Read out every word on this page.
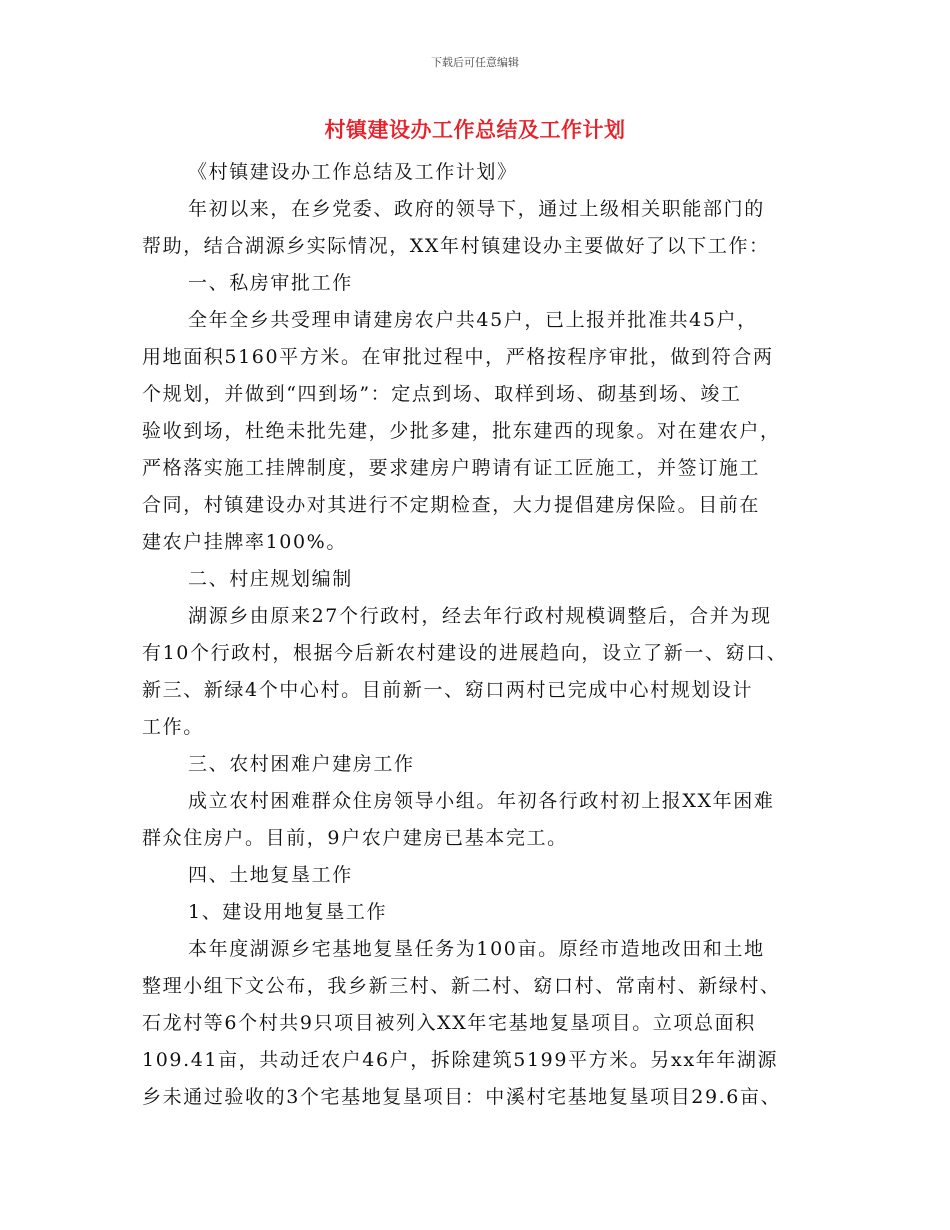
下载后可任意编辑
村镇建设办工作总结及工作计划
《村镇建设办工作总结及工作计划》
年初以来，在乡党委、政府的领导下，通过上级相关职能部门的
帮助，结合湖源乡实际情况，XX年村镇建设办主要做好了以下工作：
一、私房审批工作
全年全乡共受理申请建房农户共45户，已上报并批准共45户，
用地面积5160平方米。在审批过程中，严格按程序审批，做到符合两
个规划，并做到“四到场”：定点到场、取样到场、砌基到场、竣工
验收到场，杜绝未批先建，少批多建，批东建西的现象。对在建农户，
严格落实施工挂牌制度，要求建房户聘请有证工匠施工，并签订施工
合同，村镇建设办对其进行不定期检查，大力提倡建房保险。目前在
建农户挂牌率100%。
二、村庄规划编制
湖源乡由原来27个行政村，经去年行政村规模调整后，合并为现
有10个行政村，根据今后新农村建设的进展趋向，设立了新一、窈口、
新三、新绿4个中心村。目前新一、窈口两村已完成中心村规划设计
工作。
三、农村困难户建房工作
成立农村困难群众住房领导小组。年初各行政村初上报XX年困难
群众住房户。目前，9户农户建房已基本完工。
四、土地复垦工作
1、建设用地复垦工作
本年度湖源乡宅基地复垦任务为100亩。原经市造地改田和土地
整理小组下文公布，我乡新三村、新二村、窈口村、常南村、新绿村、
石龙村等6个村共9只项目被列入XX年宅基地复垦项目。立项总面积
109.41亩，共动迁农户46户，拆除建筑5199平方米。另xx年年湖源
乡未通过验收的3个宅基地复垦项目：中溪村宅基地复垦项目29.6亩、
